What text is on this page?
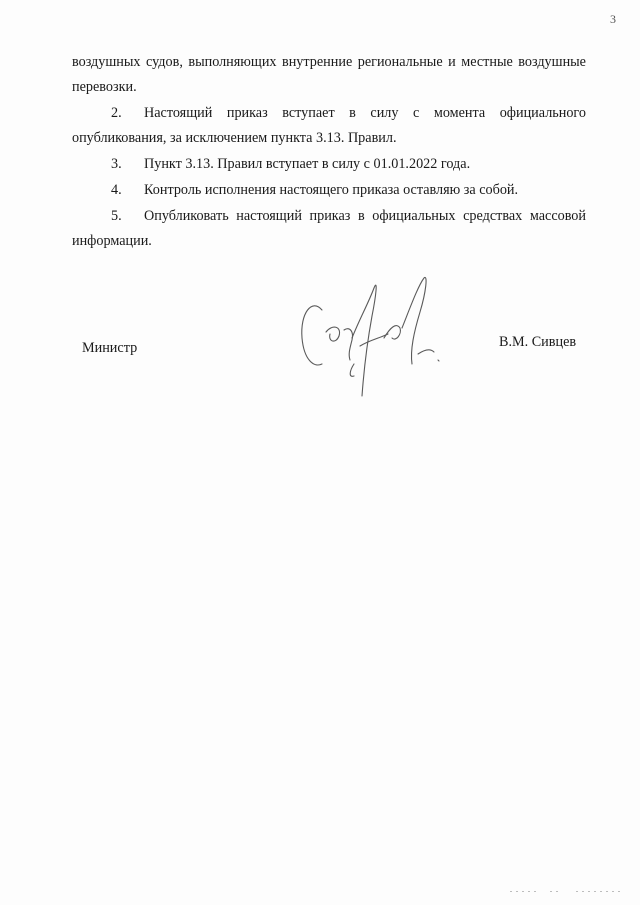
3

воздушных судов, выполняющих внутренние региональные и местные воздушные перевозки.

2. Настоящий приказ вступает в силу с момента официального опубликования, за исключением пункта 3.13. Правил.

3. Пункт 3.13. Правил вступает в силу с 01.01.2022 года.

4. Контроль исполнения настоящего приказа оставляю за собой.

5. Опубликовать настоящий приказ в официальных средствах массовой информации.

Министр	В.М. Сивцев
